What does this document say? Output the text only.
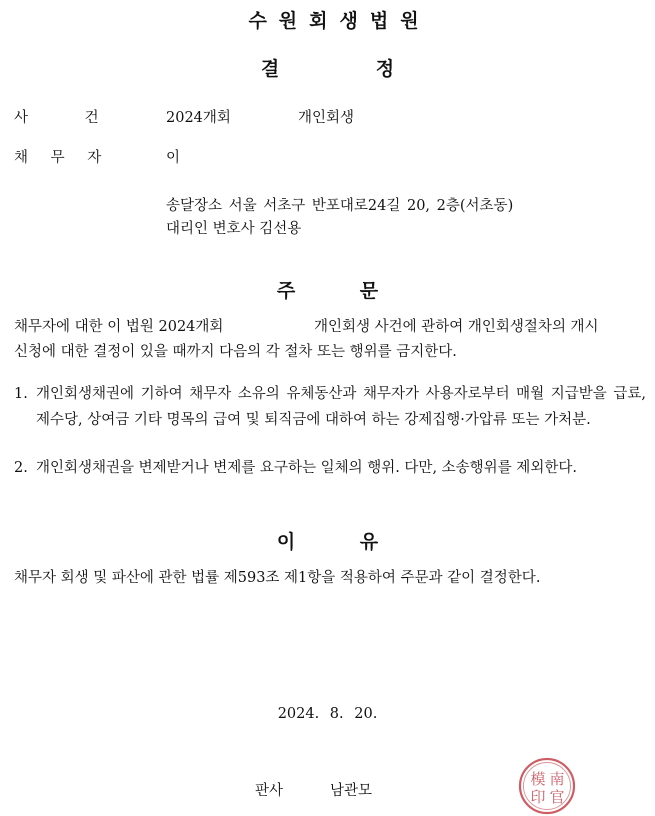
수원회생법원
결 정
사 건	2024개회	개인회생
채 무 자	이
송달장소 서울 서초구 반포대로24길 20, 2층(서초동)
대리인 변호사 김선용
주 문
채무자에 대한 이 법원 2024개회	개인회생 사건에 관하여 개인회생절차의 개시
신청에 대한 결정이 있을 때까지 다음의 각 절차 또는 행위를 금지한다.
1. 개인회생채권에 기하여 채무자 소유의 유체동산과 채무자가 사용자로부터 매월 지급받을 급료, 제수당, 상여금 기타 명목의 급여 및 퇴직금에 대하여 하는 강제집행·가압류 또는 가처분.
2. 개인회생채권을 변제받거나 변제를 요구하는 일체의 행위. 다만, 소송행위를 제외한다.
이 유
채무자 회생 및 파산에 관한 법률 제593조 제1항을 적용하여 주문과 같이 결정한다.
2024. 8. 20.
판사	남관모
南
官
模
印
